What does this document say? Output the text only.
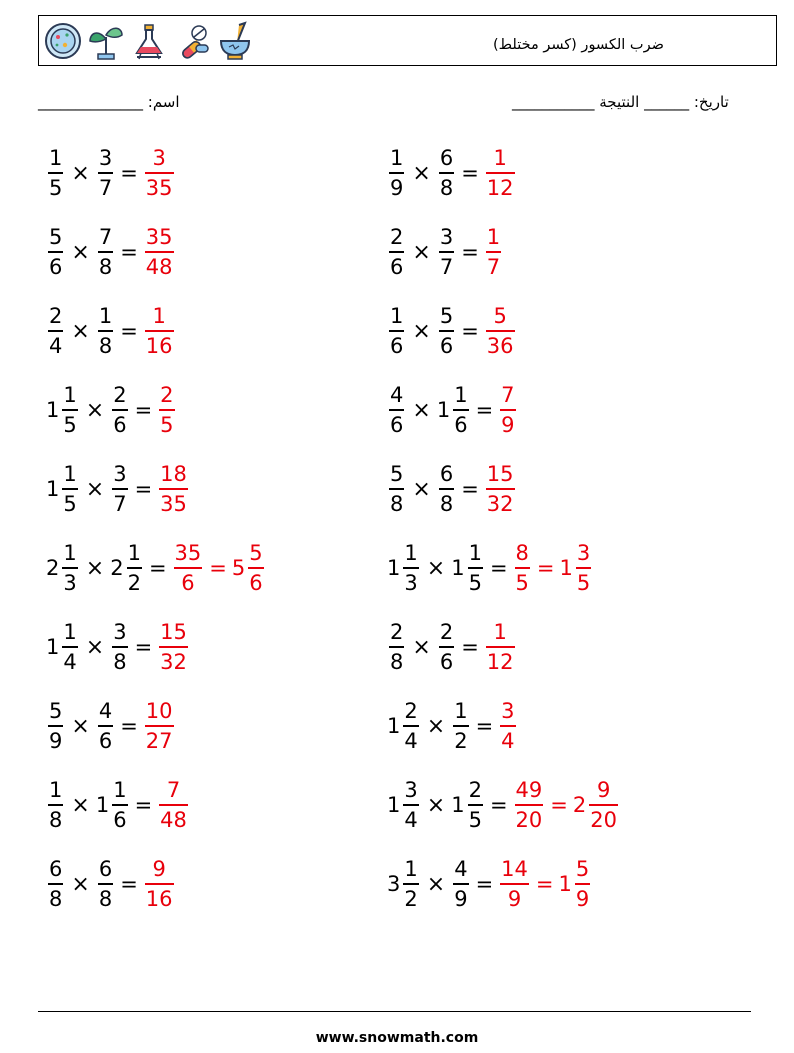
ضرب الكسور (كسر مختلط)
اسم: ______________	تاريخ: ______ النتيجة ___________
$\frac{1}{5} \times \frac{3}{7} = \frac{3}{35}$
$\frac{5}{6} \times \frac{7}{8} = \frac{35}{48}$
$\frac{2}{4} \times \frac{1}{8} = \frac{1}{16}$
$1 \frac{1}{5} \times \frac{2}{6} = \frac{2}{5}$
$1 \frac{1}{5} \times \frac{3}{7} = \frac{18}{35}$
$2 \frac{1}{3} \times 2 \frac{1}{2} = \frac{35}{6} = 5 \frac{5}{6}$
$1 \frac{1}{4} \times \frac{3}{8} = \frac{15}{32}$
$\frac{5}{9} \times \frac{4}{6} = \frac{10}{27}$
$\frac{1}{8} \times 1 \frac{1}{6} = \frac{7}{48}$
$\frac{6}{8} \times \frac{6}{8} = \frac{9}{16}$
$\frac{1}{9} \times \frac{6}{8} = \frac{1}{12}$
$\frac{2}{6} \times \frac{3}{7} = \frac{1}{7}$
$\frac{1}{6} \times \frac{5}{6} = \frac{5}{36}$
$\frac{4}{6} \times 1 \frac{1}{6} = \frac{7}{9}$
$\frac{5}{8} \times \frac{6}{8} = \frac{15}{32}$
$1 \frac{1}{3} \times 1 \frac{1}{5} = \frac{8}{5} = 1 \frac{3}{5}$
$\frac{2}{8} \times \frac{2}{6} = \frac{1}{12}$
$1 \frac{2}{4} \times \frac{1}{2} = \frac{3}{4}$
$1 \frac{3}{4} \times 1 \frac{2}{5} = \frac{49}{20} = 2 \frac{9}{20}$
$3 \frac{1}{2} \times \frac{4}{9} = \frac{14}{9} = 1 \frac{5}{9}$
www.snowmath.com
